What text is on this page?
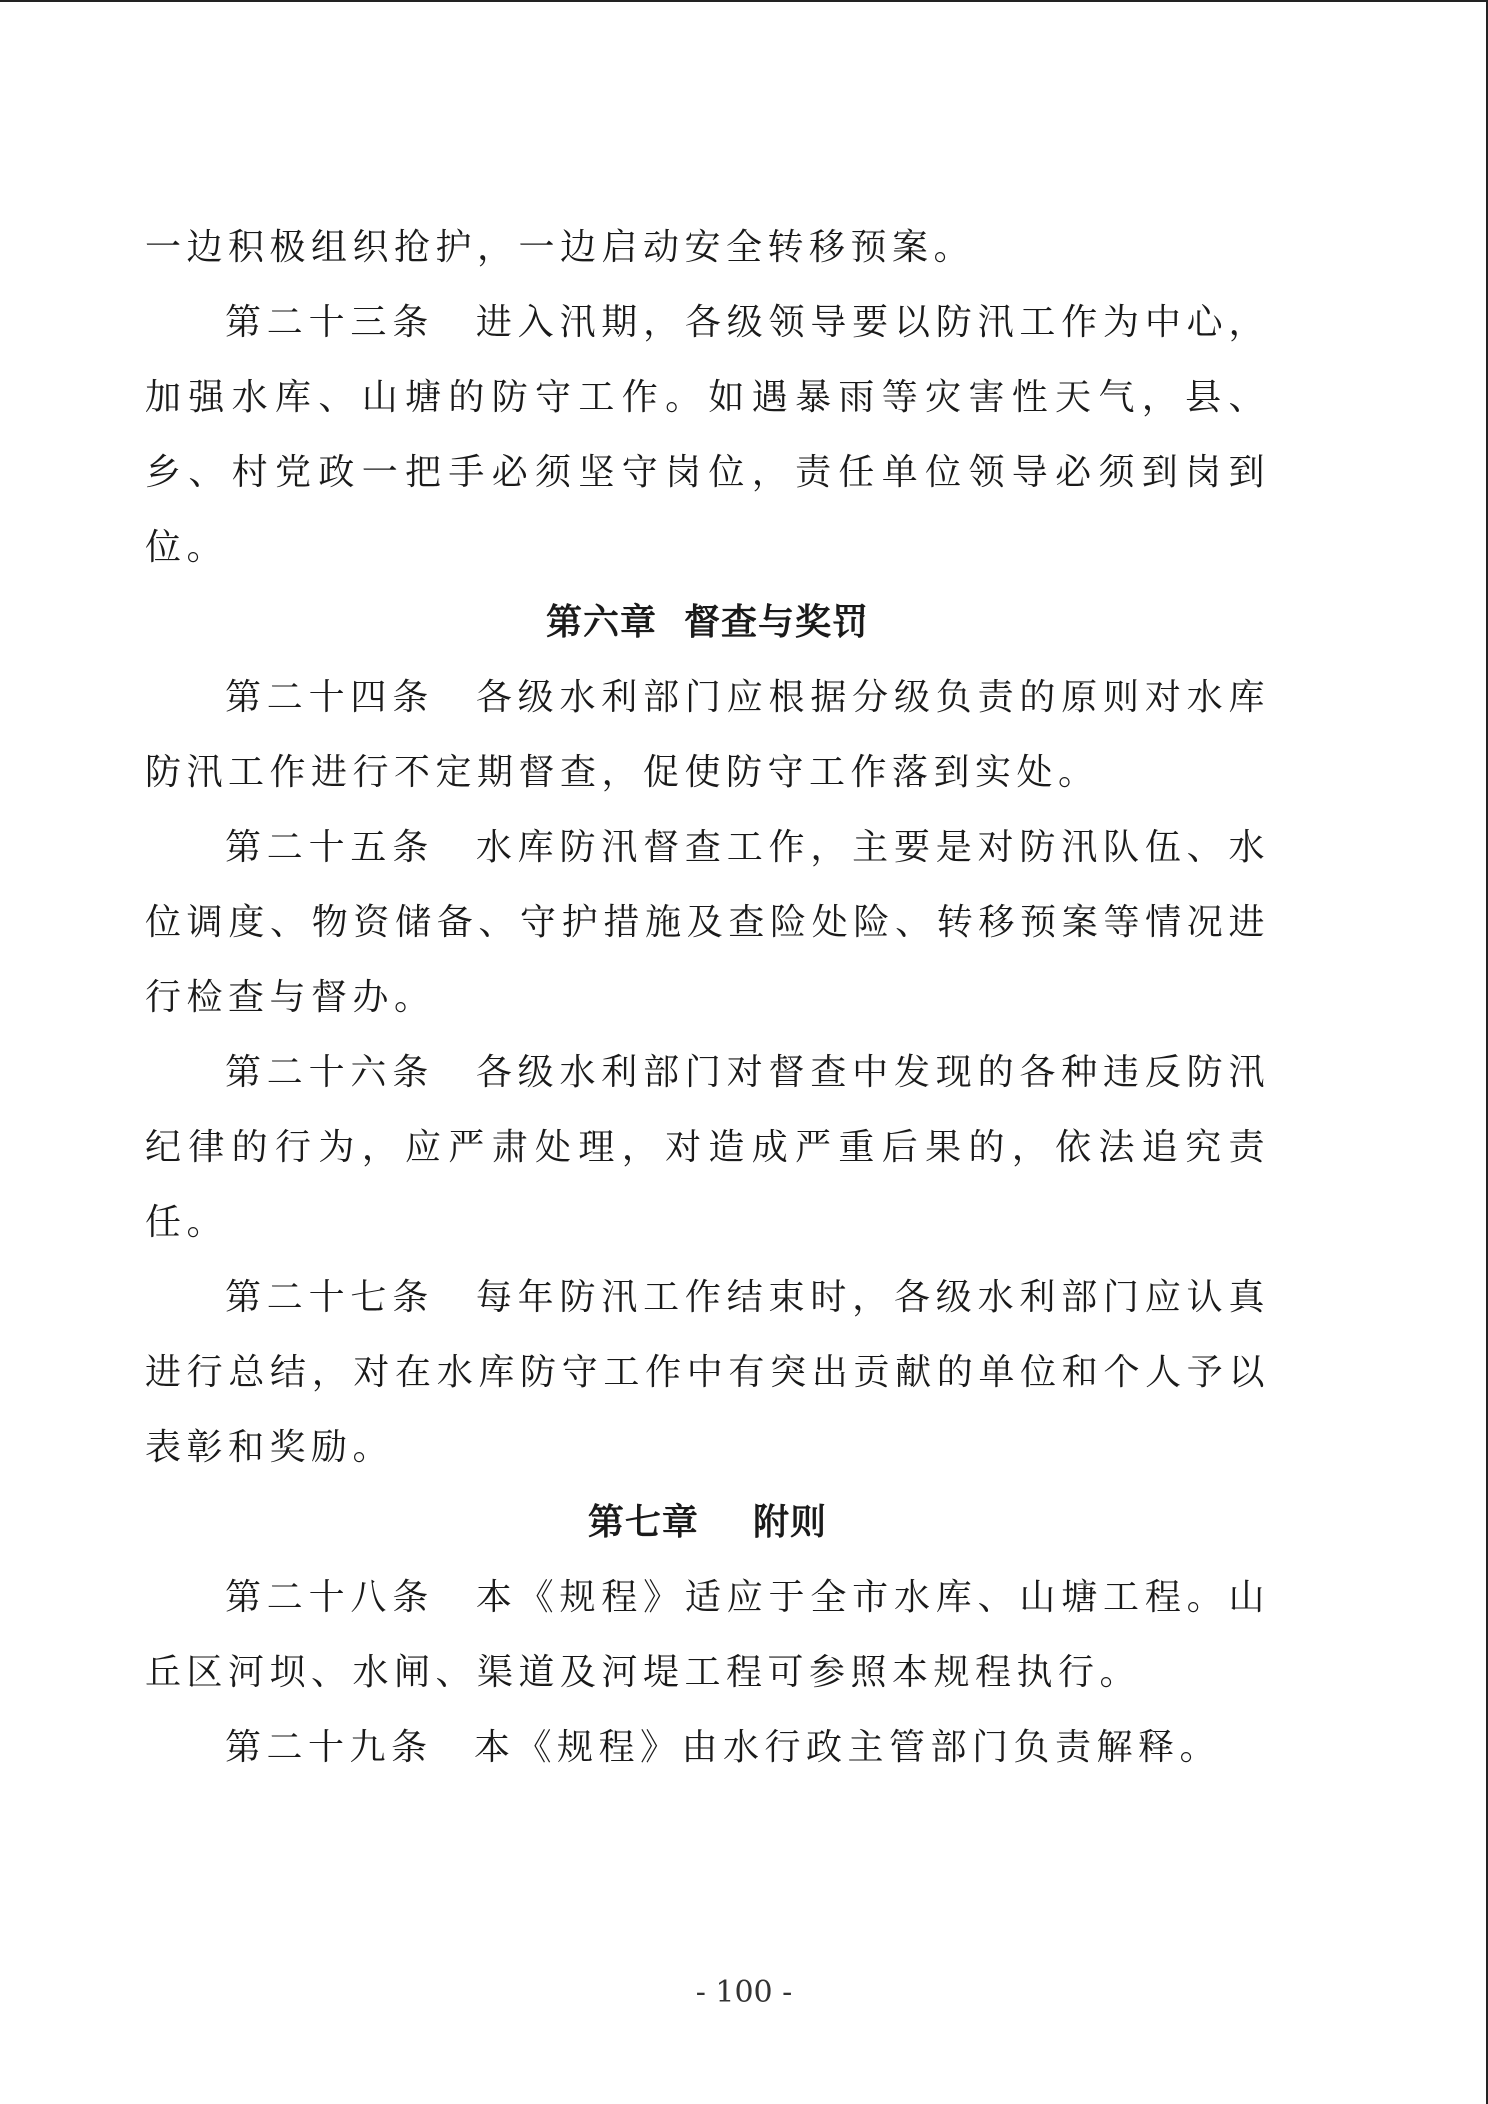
一边积极组织抢护，一边启动安全转移预案。

第二十三条　进入汛期，各级领导要以防汛工作为中心，加强水库、山塘的防守工作。如遇暴雨等灾害性天气，县、乡、村党政一把手必须坚守岗位，责任单位领导必须到岗到位。

第六章  督查与奖罚

第二十四条　各级水利部门应根据分级负责的原则对水库防汛工作进行不定期督查，促使防守工作落到实处。

第二十五条　水库防汛督查工作，主要是对防汛队伍、水位调度、物资储备、守护措施及查险处险、转移预案等情况进行检查与督办。

第二十六条　各级水利部门对督查中发现的各种违反防汛纪律的行为，应严肃处理，对造成严重后果的，依法追究责任。

第二十七条　每年防汛工作结束时，各级水利部门应认真进行总结，对在水库防守工作中有突出贡献的单位和个人予以表彰和奖励。

第七章    附则

第二十八条　本《规程》适应于全市水库、山塘工程。山丘区河坝、水闸、渠道及河堤工程可参照本规程执行。

第二十九条　本《规程》由水行政主管部门负责解释。

- 100 -
